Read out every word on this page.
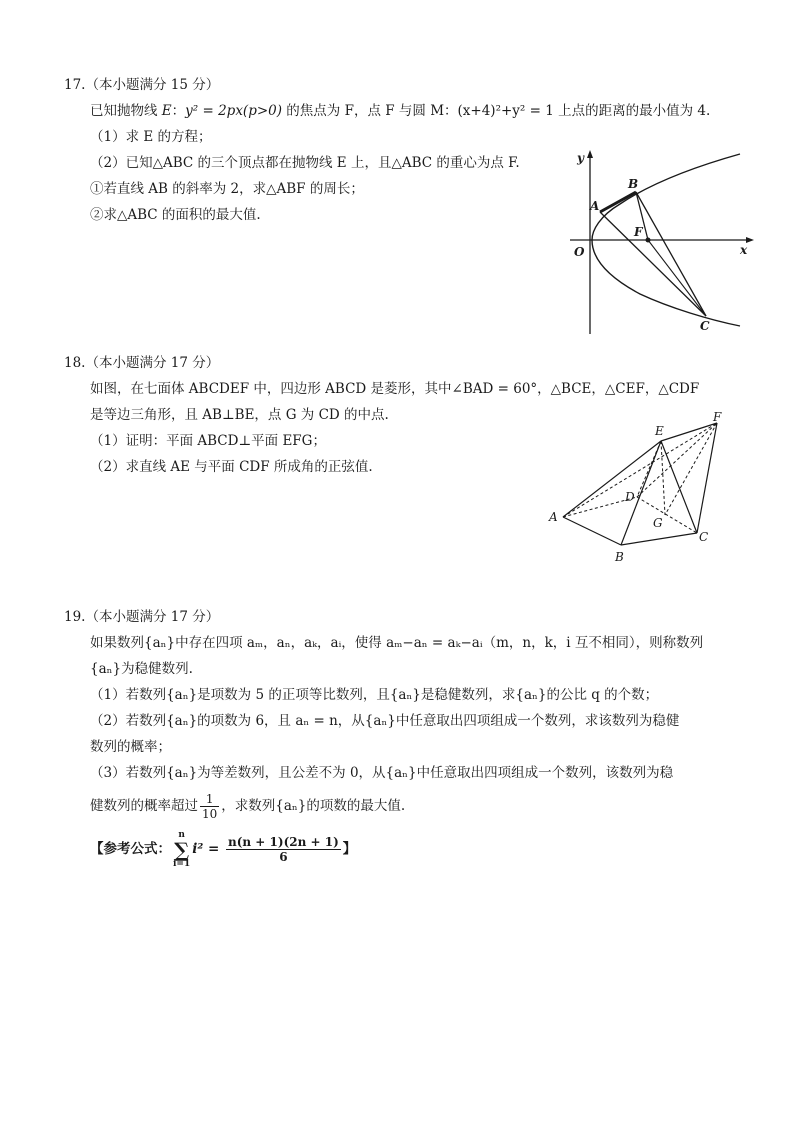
17.（本小题满分 15 分）
已知抛物线 E：y² = 2px(p>0) 的焦点为 F，点 F 与圆 M：(x+4)²+y² = 1 上点的距离的最小值为 4.
（1）求 E 的方程；
（2）已知△ABC 的三个顶点都在抛物线 E 上，且△ABC 的重心为点 F.
①若直线 AB 的斜率为 2，求△ABF 的周长；
②求△ABC 的面积的最大值.
y
x
O
A
B
F
C
18.（本小题满分 17 分）
如图，在七面体 ABCDEF 中，四边形 ABCD 是菱形，其中∠BAD = 60°，△BCE，△CEF，△CDF
是等边三角形，且 AB⊥BE，点 G 为 CD 的中点.
（1）证明：平面 ABCD⊥平面 EFG；
（2）求直线 AE 与平面 CDF 所成角的正弦值.
A
B
C
D
E
F
G
19.（本小题满分 17 分）
如果数列{aₙ}中存在四项 aₘ，aₙ，aₖ，aᵢ，使得 aₘ−aₙ = aₖ−aᵢ（m，n，k，i 互不相同），则称数列
{aₙ}为稳健数列.
（1）若数列{aₙ}是项数为 5 的正项等比数列，且{aₙ}是稳健数列，求{aₙ}的公比 q 的个数；
（2）若数列{aₙ}的项数为 6，且 aₙ = n，从{aₙ}中任意取出四项组成一个数列，求该数列为稳健
数列的概率；
（3）若数列{aₙ}为等差数列，且公差不为 0，从{aₙ}中任意取出四项组成一个数列，该数列为稳
健数列的概率超过 $\frac{1}{10}$ ，求数列{aₙ}的项数的最大值.
【参考公式：n
∑
$i=1i^2 = \frac{n(n + 1)(2n + 1)}{6}$ 】
